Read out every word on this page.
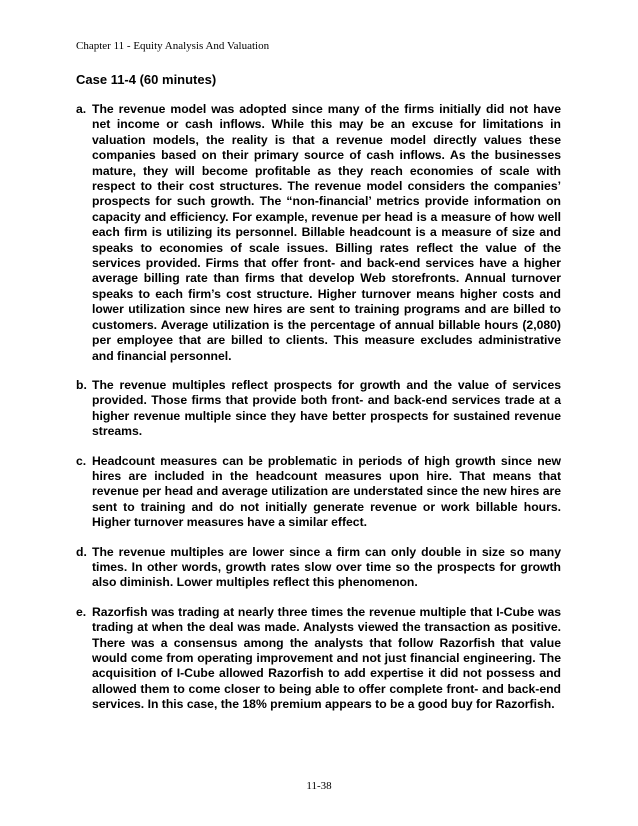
Chapter 11 - Equity Analysis And Valuation
Case 11-4 (60 minutes)
a. The revenue model was adopted since many of the firms initially did not have net income or cash inflows. While this may be an excuse for limitations in valuation models, the reality is that a revenue model directly values these companies based on their primary source of cash inflows. As the businesses mature, they will become profitable as they reach economies of scale with respect to their cost structures. The revenue model considers the companies’ prospects for such growth. The “non-financial’ metrics provide information on capacity and efficiency. For example, revenue per head is a measure of how well each firm is utilizing its personnel. Billable headcount is a measure of size and speaks to economies of scale issues. Billing rates reflect the value of the services provided. Firms that offer front- and back-end services have a higher average billing rate than firms that develop Web storefronts. Annual turnover speaks to each firm’s cost structure. Higher turnover means higher costs and lower utilization since new hires are sent to training programs and are billed to customers. Average utilization is the percentage of annual billable hours (2,080) per employee that are billed to clients. This measure excludes administrative and financial personnel.
b. The revenue multiples reflect prospects for growth and the value of services provided. Those firms that provide both front- and back-end services trade at a higher revenue multiple since they have better prospects for sustained revenue streams.
c. Headcount measures can be problematic in periods of high growth since new hires are included in the headcount measures upon hire. That means that revenue per head and average utilization are understated since the new hires are sent to training and do not initially generate revenue or work billable hours. Higher turnover measures have a similar effect.
d. The revenue multiples are lower since a firm can only double in size so many times. In other words, growth rates slow over time so the prospects for growth also diminish. Lower multiples reflect this phenomenon.
e. Razorfish was trading at nearly three times the revenue multiple that I-Cube was trading at when the deal was made. Analysts viewed the transaction as positive. There was a consensus among the analysts that follow Razorfish that value would come from operating improvement and not just financial engineering. The acquisition of I-Cube allowed Razorfish to add expertise it did not possess and allowed them to come closer to being able to offer complete front- and back-end services. In this case, the 18% premium appears to be a good buy for Razorfish.
11-38
